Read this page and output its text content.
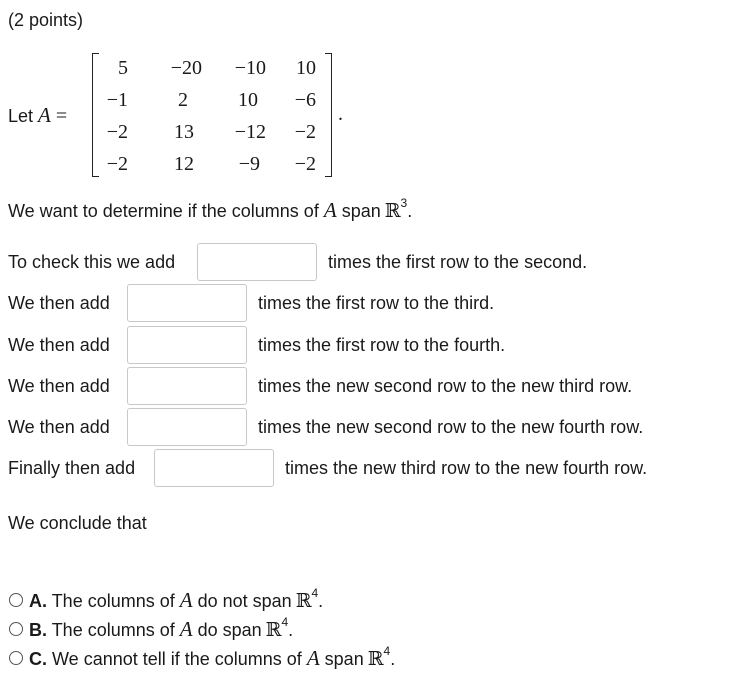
(2 points)
Let A =
5	−20	−10	10
−1	2	10	−6
−2	13	−12	−2
−2	12	−9	−2
.
We want to determine if the columns of A span ℝ$^3$.
To check this we add	times the first row to the second.
We then add	times the first row to the third.
We then add	times the first row to the fourth.
We then add	times the new second row to the new third row.
We then add	times the new second row to the new fourth row.
Finally then add	times the new third row to the new fourth row.
We conclude that
A. The columns of A do not span ℝ$^4$.
B. The columns of A do span ℝ$^4$.
C. We cannot tell if the columns of A span ℝ$^4$.
